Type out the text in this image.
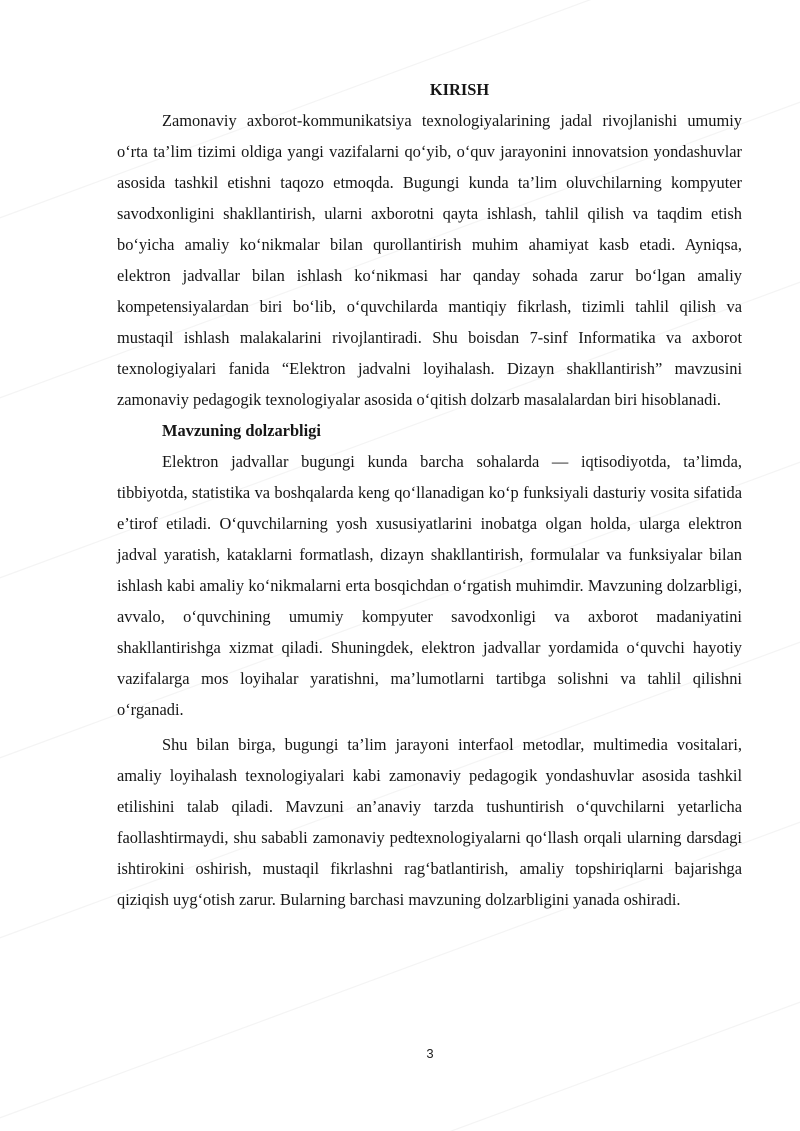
KIRISH

Zamonaviy axborot-kommunikatsiya texnologiyalarining jadal rivojlanishi umumiy o‘rta ta’lim tizimi oldiga yangi vazifalarni qo‘yib, o‘quv jarayonini innovatsion yondashuvlar asosida tashkil etishni taqozo etmoqda. Bugungi kunda ta’lim oluvchilarning kompyuter savodxonligini shakllantirish, ularni axborotni qayta ishlash, tahlil qilish va taqdim etish bo‘yicha amaliy ko‘nikmalar bilan qurollantirish muhim ahamiyat kasb etadi. Ayniqsa, elektron jadvallar bilan ishlash ko‘nikmasi har qanday sohada zarur bo‘lgan amaliy kompetensiyalardan biri bo‘lib, o‘quvchilarda mantiqiy fikrlash, tizimli tahlil qilish va mustaqil ishlash malakalarini rivojlantiradi. Shu boisdan 7-sinf Informatika va axborot texnologiyalari fanida “Elektron jadvalni loyihalash. Dizayn shakllantirish” mavzusini zamonaviy pedagogik texnologiyalar asosida o‘qitish dolzarb masalalardan biri hisoblanadi.

Mavzuning dolzarbligi

Elektron jadvallar bugungi kunda barcha sohalarda — iqtisodiyotda, ta’limda, tibbiyotda, statistika va boshqalarda keng qo‘llanadigan ko‘p funksiyali dasturiy vosita sifatida e’tirof etiladi. O‘quvchilarning yosh xususiyatlarini inobatga olgan holda, ularga elektron jadval yaratish, kataklarni formatlash, dizayn shakllantirish, formulalar va funksiyalar bilan ishlash kabi amaliy ko‘nikmalarni erta bosqichdan o‘rgatish muhimdir. Mavzuning dolzarbligi, avvalo, o‘quvchining umumiy kompyuter savodxonligi va axborot madaniyatini shakllantirishga xizmat qiladi. Shuningdek, elektron jadvallar yordamida o‘quvchi hayotiy vazifalarga mos loyihalar yaratishni, ma’lumotlarni tartibga solishni va tahlil qilishni o‘rganadi.

Shu bilan birga, bugungi ta’lim jarayoni interfaol metodlar, multimedia vositalari, amaliy loyihalash texnologiyalari kabi zamonaviy pedagogik yondashuvlar asosida tashkil etilishini talab qiladi. Mavzuni an’anaviy tarzda tushuntirish o‘quvchilarni yetarlicha faollashtirmaydi, shu sababli zamonaviy pedtexnologiyalarni qo‘llash orqali ularning darsdagi ishtirokini oshirish, mustaqil fikrlashni rag‘batlantirish, amaliy topshiriqlarni bajarishga qiziqish uyg‘otish zarur. Bularning barchasi mavzuning dolzarbligini yanada oshiradi.

3
